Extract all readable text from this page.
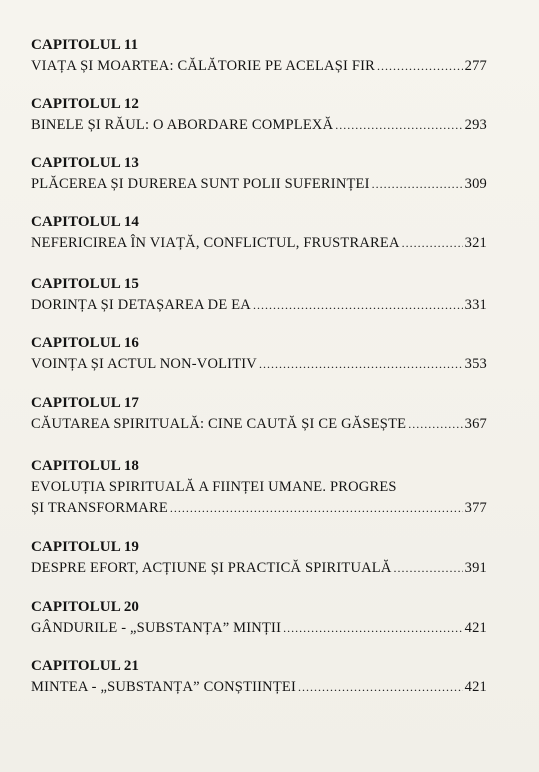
CAPITOLUL 11
VIAȚA ȘI MOARTEA: CĂLĂTORIE PE ACELAȘI FIR .....	277
CAPITOLUL 12
BINELE ȘI RĂUL: O ABORDARE COMPLEXĂ .....	293
CAPITOLUL 13
PLĂCEREA ȘI DUREREA SUNT POLII SUFERINȚEI .....	309
CAPITOLUL 14
NEFERICIREA ÎN VIAȚĂ, CONFLICTUL, FRUSTRAREA .....	321
CAPITOLUL 15
DORINȚA ȘI DETAȘAREA DE EA .....	331
CAPITOLUL 16
VOINȚA ȘI ACTUL NON-VOLITIV .....	353
CAPITOLUL 17
CĂUTAREA SPIRITUALĂ: CINE CAUTĂ ȘI CE GĂSEȘTE .....	367
CAPITOLUL 18
EVOLUȚIA SPIRITUALĂ A FIINȚEI UMANE. PROGRES
ȘI TRANSFORMARE .....	377
CAPITOLUL 19
DESPRE EFORT, ACȚIUNE ȘI PRACTICĂ SPIRITUALĂ .....	391
CAPITOLUL 20
GÂNDURILE - „SUBSTANȚA” MINȚII .....	421
CAPITOLUL 21
MINTEA - „SUBSTANȚA” CONȘTIINȚEI .....	421
